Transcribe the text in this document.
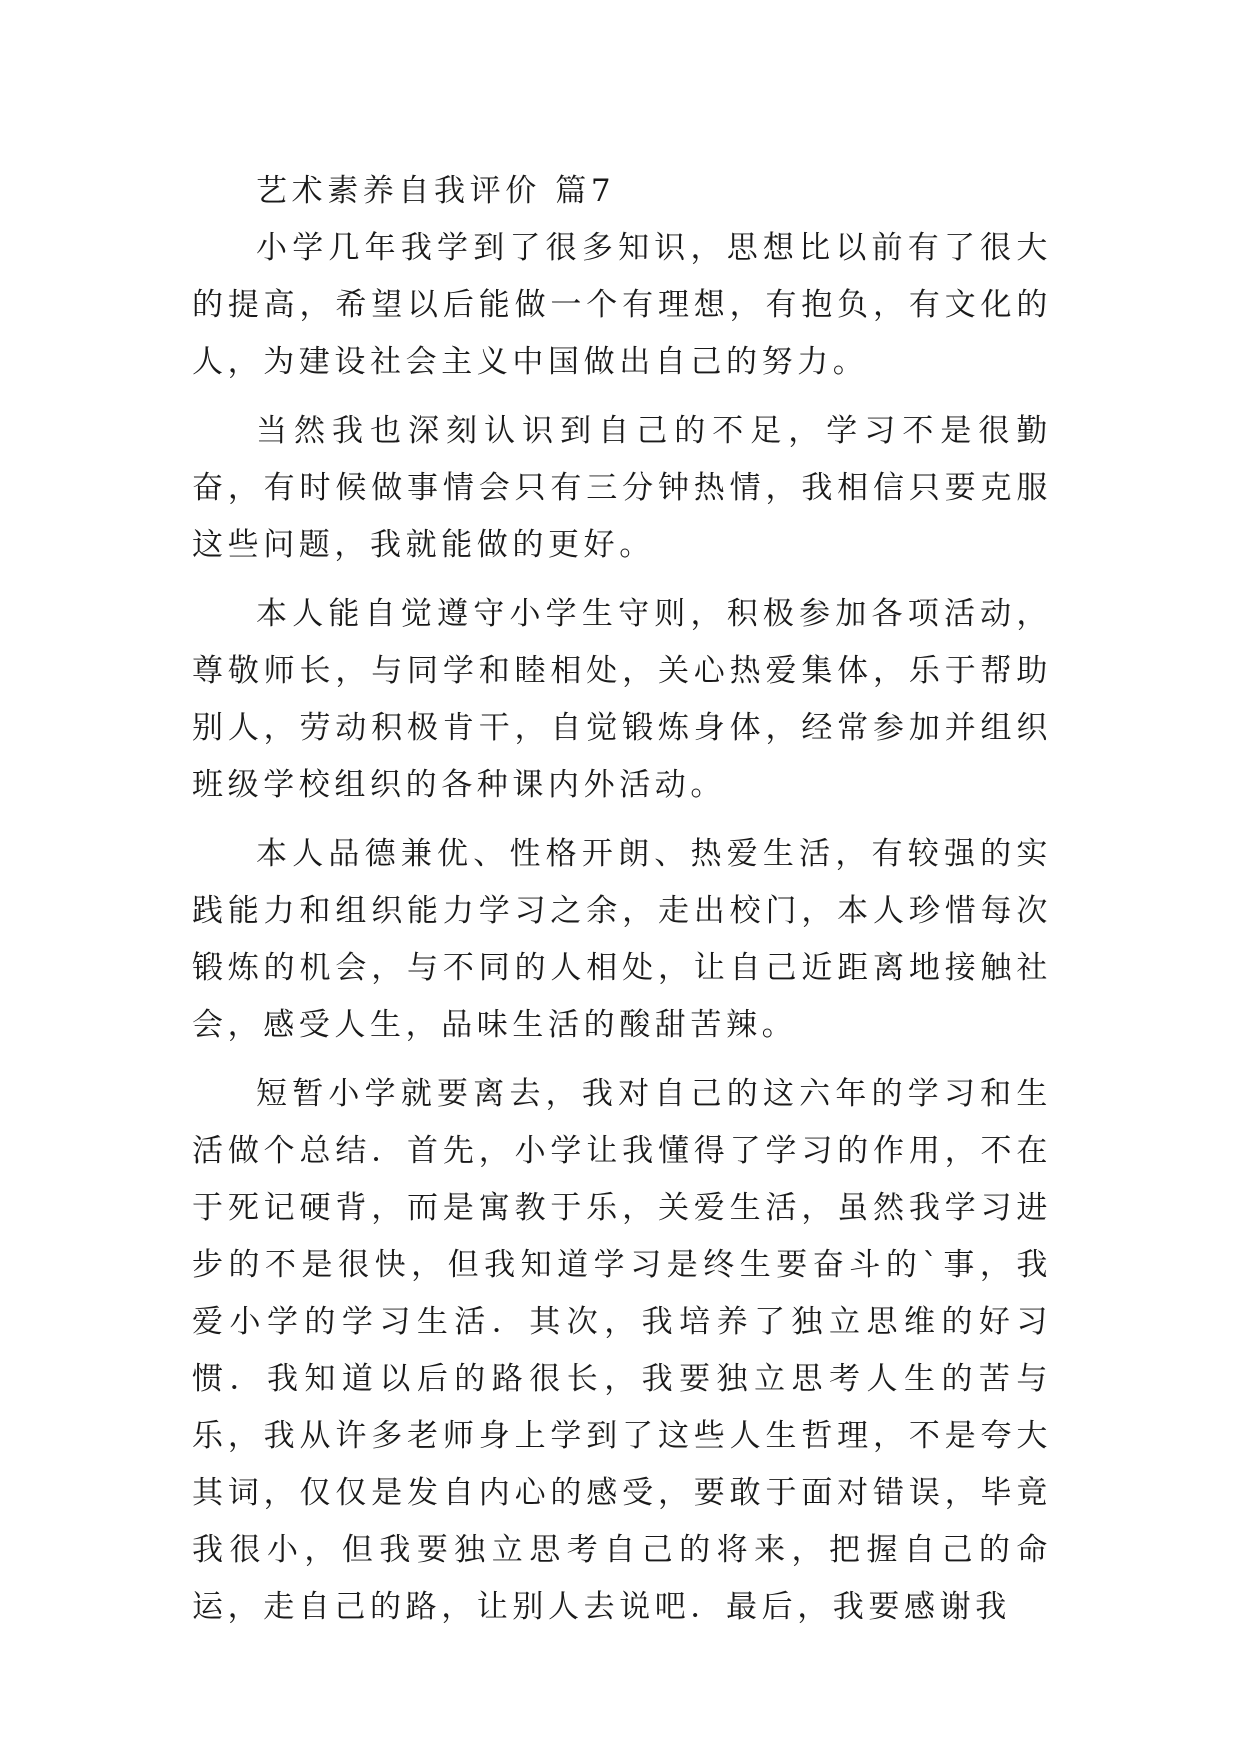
艺术素养自我评价 篇7

小学几年我学到了很多知识，思想比以前有了很大的提高，希望以后能做一个有理想，有抱负，有文化的人，为建设社会主义中国做出自己的努力。

当然我也深刻认识到自己的不足，学习不是很勤奋，有时候做事情会只有三分钟热情，我相信只要克服这些问题，我就能做的更好。

本人能自觉遵守小学生守则，积极参加各项活动，尊敬师长，与同学和睦相处，关心热爱集体，乐于帮助别人，劳动积极肯干，自觉锻炼身体，经常参加并组织班级学校组织的各种课内外活动。

本人品德兼优、性格开朗、热爱生活，有较强的实践能力和组织能力学习之余，走出校门，本人珍惜每次锻炼的机会，与不同的人相处，让自己近距离地接触社会，感受人生，品味生活的酸甜苦辣。

短暂小学就要离去，我对自己的这六年的学习和生活做个总结．首先，小学让我懂得了学习的作用，不在于死记硬背，而是寓教于乐，关爱生活，虽然我学习进步的不是很快，但我知道学习是终生要奋斗的`事，我爱小学的学习生活．其次，我培养了独立思维的好习惯．我知道以后的路很长，我要独立思考人生的苦与乐，我从许多老师身上学到了这些人生哲理，不是夸大其词，仅仅是发自内心的感受，要敢于面对错误，毕竟我很小，但我要独立思考自己的将来，把握自己的命运，走自己的路，让别人去说吧．最后，我要感谢我
